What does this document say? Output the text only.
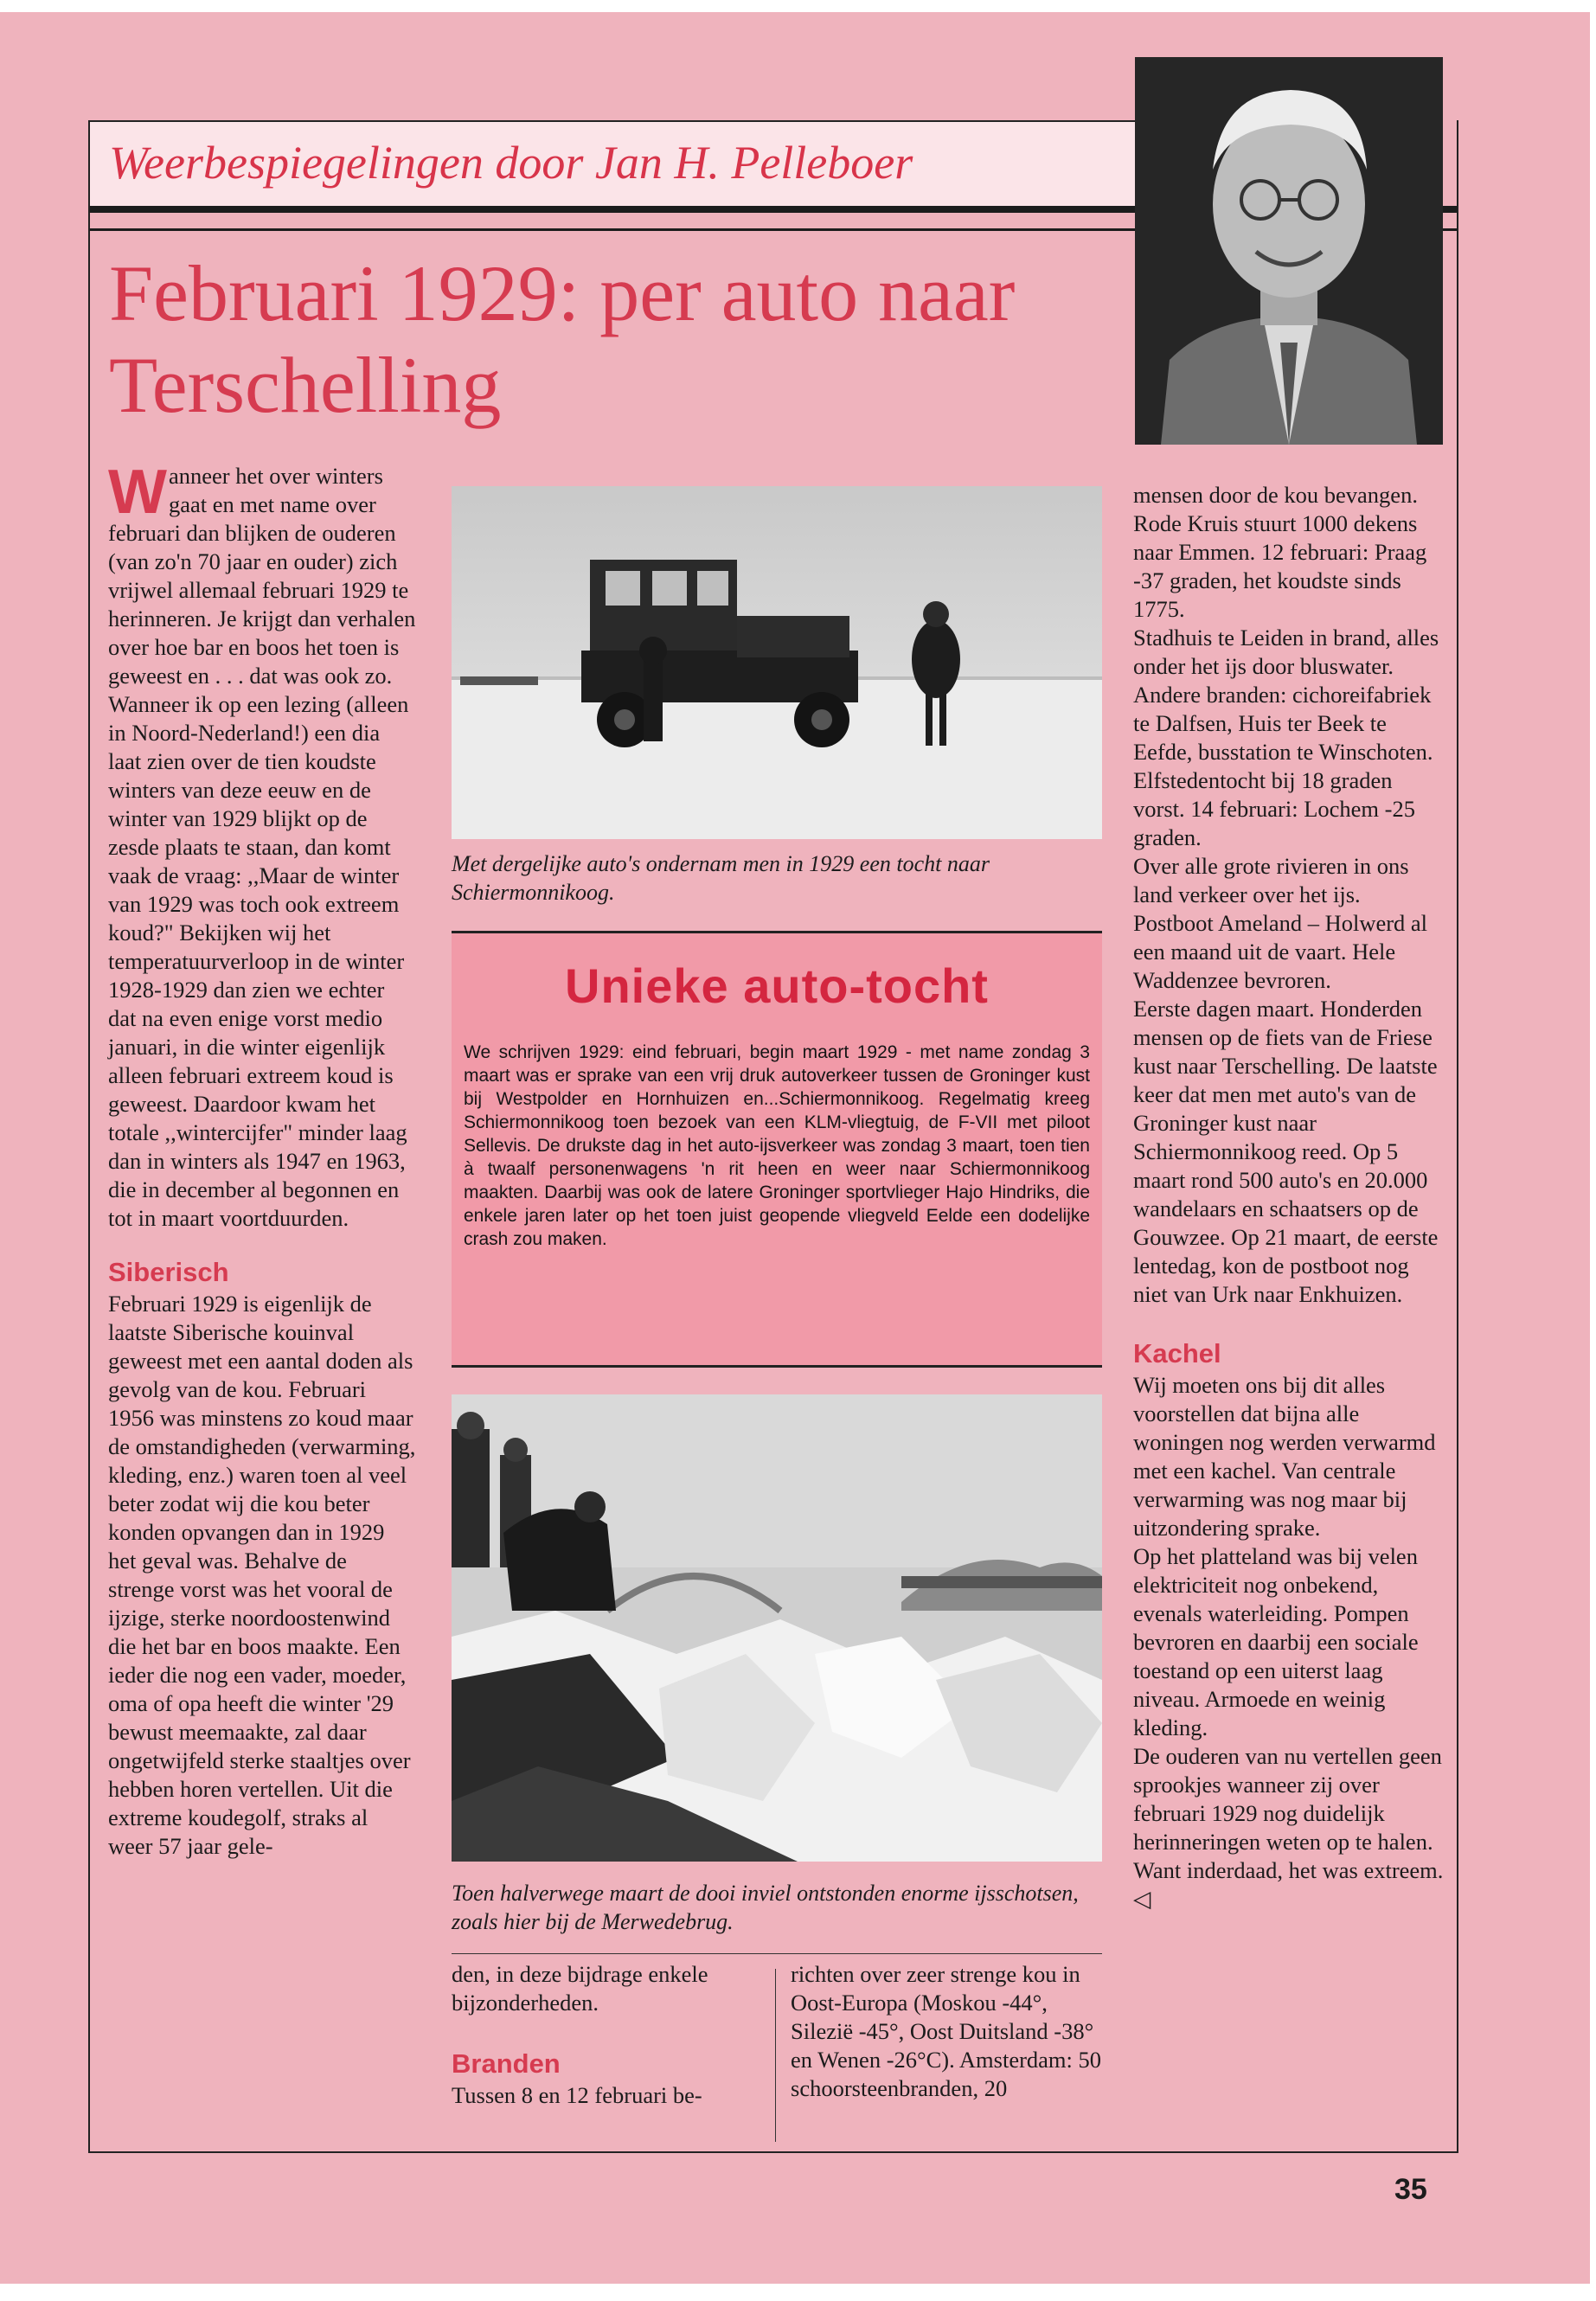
Weerbespiegelingen door Jan H. Pelleboer
Februari 1929: per auto naar Terschelling

Wanneer het over winters gaat en met name over februari dan blijken de ouderen (van zo'n 70 jaar en ouder) zich vrijwel allemaal februari 1929 te herinneren. Je krijgt dan verhalen over hoe bar en boos het toen is geweest en . . . dat was ook zo.

Wanneer ik op een lezing (alleen in Noord-Nederland!) een dia laat zien over de tien koudste winters van deze eeuw en de winter van 1929 blijkt op de zesde plaats te staan, dan komt vaak de vraag: ,,Maar de winter van 1929 was toch ook extreem koud?" Bekijken wij het temperatuurverloop in de winter 1928-1929 dan zien we echter dat na even enige vorst medio januari, in die winter eigenlijk alleen februari extreem koud is geweest. Daardoor kwam het totale ,,wintercijfer" minder laag dan in winters als 1947 en 1963, die in december al begonnen en tot in maart voortduurden.

Siberisch

Februari 1929 is eigenlijk de laatste Siberische kouinval geweest met een aantal doden als gevolg van de kou. Februari 1956 was minstens zo koud maar de omstandigheden (verwarming, kleding, enz.) waren toen al veel beter zodat wij die kou beter konden opvangen dan in 1929 het geval was. Behalve de strenge vorst was het vooral de ijzige, sterke noordoostenwind die het bar en boos maakte. Een ieder die nog een vader, moeder, oma of opa heeft die winter '29 bewust meemaakte, zal daar ongetwijfeld sterke staaltjes over hebben horen vertellen. Uit die extreme koudegolf, straks al weer 57 jaar gele-

Met dergelijke auto's ondernam men in 1929 een tocht naar Schiermonnikoog.
Unieke auto-tocht

We schrijven 1929: eind februari, begin maart 1929 - met name zondag 3 maart was er sprake van een vrij druk autoverkeer tussen de Groninger kust bij Westpolder en Hornhuizen en...Schiermonnikoog. Regelmatig kreeg Schiermonnikoog toen bezoek van een KLM-vliegtuig, de F-VII met piloot Sellevis. De drukste dag in het auto-ijsverkeer was zondag 3 maart, toen tien à twaalf personenwagens 'n rit heen en weer naar Schiermonnikoog maakten. Daarbij was ook de latere Groninger sportvlieger Hajo Hindriks, die enkele jaren later op het toen juist geopende vliegveld Eelde een dodelijke crash zou maken.

Toen halverwege maart de dooi inviel ontstonden enorme ijsschotsen, zoals hier bij de Merwedebrug.

den, in deze bijdrage enkele bijzonderheden.

Branden

Tussen 8 en 12 februari be-

richten over zeer strenge kou in Oost-Europa (Moskou -44°, Silezië -45°, Oost Duitsland -38° en Wenen -26°C). Amsterdam: 50 schoorsteenbranden, 20

mensen door de kou bevangen. Rode Kruis stuurt 1000 dekens naar Emmen. 12 februari: Praag -37 graden, het koudste sinds 1775.

Stadhuis te Leiden in brand, alles onder het ijs door bluswater. Andere branden: cichoreifabriek te Dalfsen, Huis ter Beek te Eefde, busstation te Winschoten. Elfstedentocht bij 18 graden vorst. 14 februari: Lochem -25 graden.

Over alle grote rivieren in ons land verkeer over het ijs. Postboot Ameland – Holwerd al een maand uit de vaart. Hele Waddenzee bevroren.

Eerste dagen maart. Honderden mensen op de fiets van de Friese kust naar Terschelling. De laatste keer dat men met auto's van de Groninger kust naar Schiermonnikoog reed. Op 5 maart rond 500 auto's en 20.000 wandelaars en schaatsers op de Gouwzee. Op 21 maart, de eerste lentedag, kon de postboot nog niet van Urk naar Enkhuizen.

Kachel

Wij moeten ons bij dit alles voorstellen dat bijna alle woningen nog werden verwarmd met een kachel. Van centrale verwarming was nog maar bij uitzondering sprake.

Op het platteland was bij velen elektriciteit nog onbekend, evenals waterleiding. Pompen bevroren en daarbij een sociale toestand op een uiterst laag niveau. Armoede en weinig kleding.

De ouderen van nu vertellen geen sprookjes wanneer zij over februari 1929 nog duidelijk herinneringen weten op te halen. Want inderdaad, het was extreem. ◁

35
